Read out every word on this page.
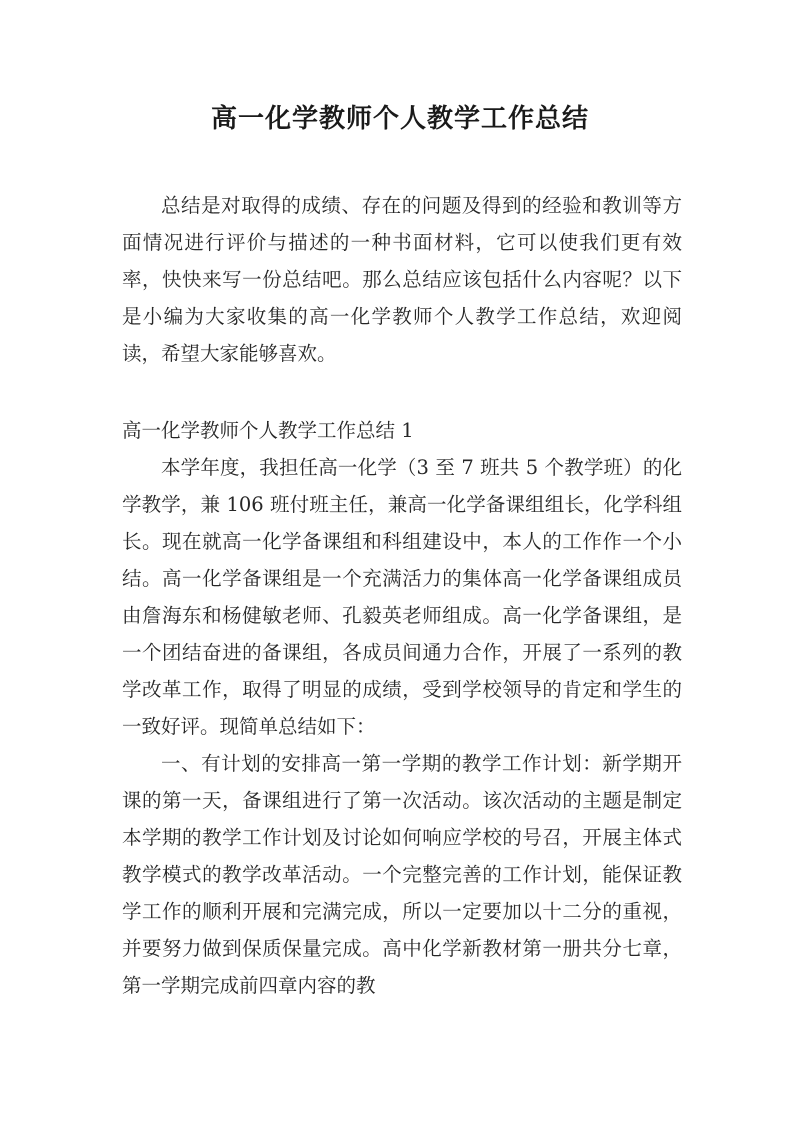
高一化学教师个人教学工作总结

总结是对取得的成绩、存在的问题及得到的经验和教训等方面情况进行评价与描述的一种书面材料，它可以使我们更有效率，快快来写一份总结吧。那么总结应该包括什么内容呢？以下是小编为大家收集的高一化学教师个人教学工作总结，欢迎阅读，希望大家能够喜欢。

高一化学教师个人教学工作总结 1

本学年度，我担任高一化学（3 至 7 班共 5 个教学班）的化学教学，兼 106 班付班主任，兼高一化学备课组组长，化学科组长。现在就高一化学备课组和科组建设中，本人的工作作一个小结。高一化学备课组是一个充满活力的集体高一化学备课组成员由詹海东和杨健敏老师、孔毅英老师组成。高一化学备课组，是一个团结奋进的备课组，各成员间通力合作，开展了一系列的教学改革工作，取得了明显的成绩，受到学校领导的肯定和学生的一致好评。现简单总结如下：

一、有计划的安排高一第一学期的教学工作计划：新学期开课的第一天，备课组进行了第一次活动。该次活动的主题是制定本学期的教学工作计划及讨论如何响应学校的号召，开展主体式教学模式的教学改革活动。一个完整完善的工作计划，能保证教学工作的顺利开展和完满完成，所以一定要加以十二分的重视，并要努力做到保质保量完成。高中化学新教材第一册共分七章，第一学期完成前四章内容的教
